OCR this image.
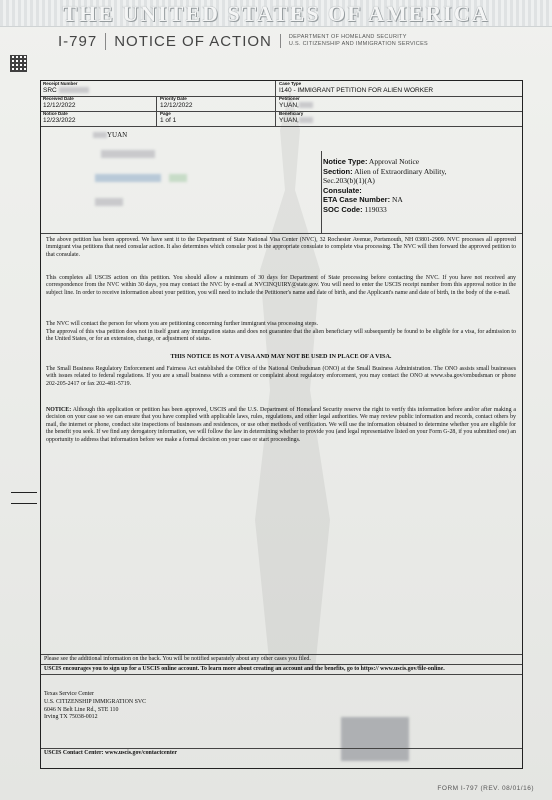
THE UNITED STATES OF AMERICA
I-797	NOTICE OF ACTION	DEPARTMENT OF HOMELAND SECURITY
U.S. CITIZENSHIP AND IMMIGRATION SERVICES
Receipt Number
SRC
Case Type
I140 - IMMIGRANT PETITION FOR ALIEN WORKER
Received Date
12/12/2022
Priority Date
12/12/2022
Petitioner
YUAN,
Notice Date
12/23/2022
Page
1 of 1
Beneficiary
YUAN,
YUAN
Notice Type: Approval Notice
Section: Alien of Extraordinary Ability,
Sec.203(b)(1)(A)
Consulate:
ETA Case Number: NA
SOC Code: 119033
The above petition has been approved. We have sent it to the Department of State National Visa Center (NVC), 32 Rochester Avenue, Portsmouth, NH 03801-2909. NVC processes all approved immigrant visa petitions that need consular action. It also determines which consular post is the appropriate consulate to complete visa processing. The NVC will then forward the approved petition to that consulate.
This completes all USCIS action on this petition. You should allow a minimum of 30 days for Department of State processing before contacting the NVC. If you have not received any correspondence from the NVC within 30 days, you may contact the NVC by e-mail at NVCINQUIRY@state.gov. You will need to enter the USCIS receipt number from this approval notice in the subject line. In order to receive information about your petition, you will need to include the Petitioner's name and date of birth, and the Applicant's name and date of birth, in the body of the e-mail.
The NVC will contact the person for whom you are petitioning concerning further immigrant visa processing steps.
The approval of this visa petition does not in itself grant any immigration status and does not guarantee that the alien beneficiary will subsequently be found to be eligible for a visa, for admission to the United States, or for an extension, change, or adjustment of status.
THIS NOTICE IS NOT A VISA AND MAY NOT BE USED IN PLACE OF A VISA.
The Small Business Regulatory Enforcement and Fairness Act established the Office of the National Ombudsman (ONO) at the Small Business Administration. The ONO assists small businesses with issues related to federal regulations. If you are a small business with a comment or complaint about regulatory enforcement, you may contact the ONO at www.sba.gov/ombudsman or phone 202-205-2417 or fax 202-481-5719.
NOTICE: Although this application or petition has been approved, USCIS and the U.S. Department of Homeland Security reserve the right to verify this information before and/or after making a decision on your case so we can ensure that you have complied with applicable laws, rules, regulations, and other legal authorities. We may review public information and records, contact others by mail, the internet or phone, conduct site inspections of businesses and residences, or use other methods of verification. We will use the information obtained to determine whether you are eligible for the benefit you seek. If we find any derogatory information, we will follow the law in determining whether to provide you (and legal representative listed on your Form G-28, if you submitted one) an opportunity to address that information before we make a formal decision on your case or start proceedings.
Please see the additional information on the back. You will be notified separately about any other cases you filed.
USCIS encourages you to sign up for a USCIS online account. To learn more about creating an account and the benefits, go to https:// www.uscis.gov/file-online.
Texas Service Center
U.S. CITIZENSHIP IMMIGRATION SVC
6046 N Belt Line Rd., STE 110
Irving TX 75038-0012
USCIS Contact Center: www.uscis.gov/contactcenter
FORM I-797 (REV. 08/01/16)
